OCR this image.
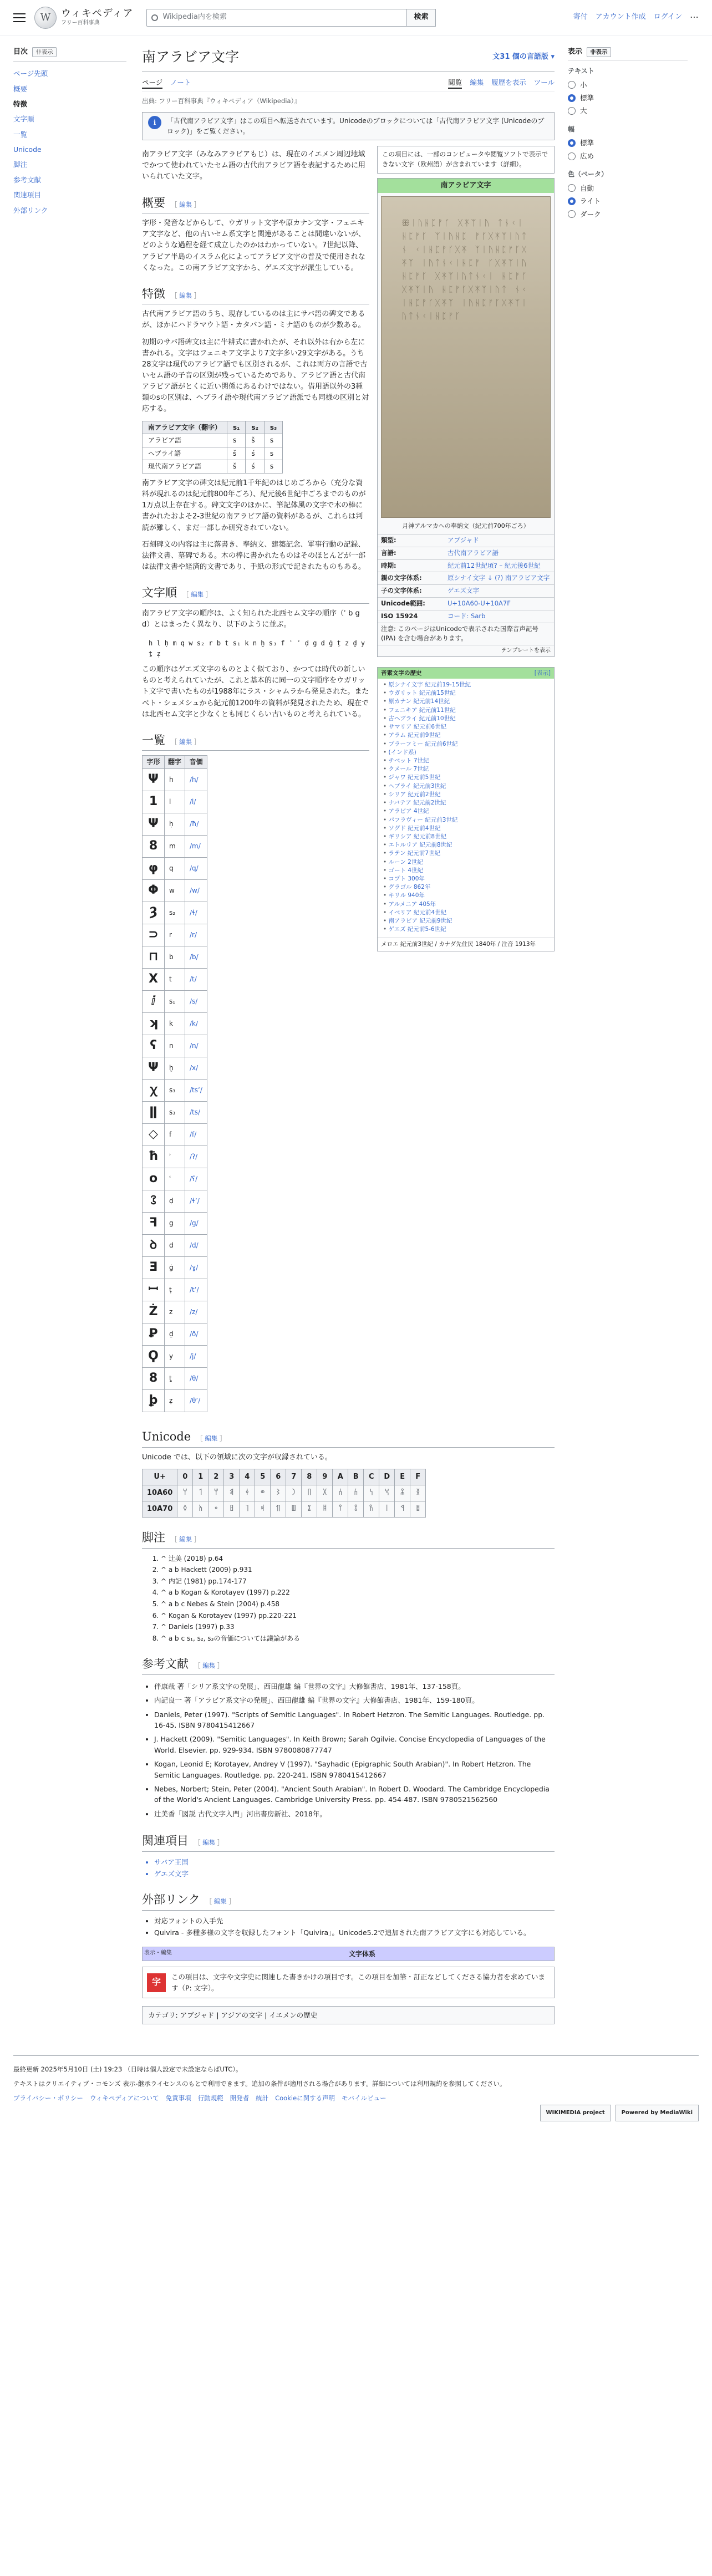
W	ウィキペディア
フリー百科事典
Wikipedia内を検索	検索	寄付 アカウント作成 ログイン ⋯
目次	非表示
ページ先頭
概要
特徴
文字順
一覧
Unicode
脚注
参考文献
関連項目
外部リンク
南アラビア文字	文31 個の言語版 ▾
ページ ノート	閲覧 編集 履歴を表示 ツール
出典: フリー百科事典『ウィキペディア（Wikipedia）』
i	「古代南アラビア文字」はこの項目へ転送されています。Unicodeのブロックについては「古代南アラビア文字 (Unicodeのブロック)」をご覧ください。

南アラビア文字（みなみアラビアもじ）は、現在のイエメン周辺地域でかつて使われていたセム語の古代南アラビア語を表記するために用いられていた文字。

概要 ［ 編集 ］

字形・発音などからして、ウガリット文字や原カナン文字・フェニキア文字など、他の古いセム系文字と関連があることは間違いないが、どのような過程を経て成立したのかはわかっていない。7世紀以降、アラビア半島のイスラム化によってアラビア文字の普及で使用されなくなった。この南アラビア文字から、ゲエズ文字が派生している。

特徴 ［ 編集 ］

古代南アラビア語のうち、現存しているのは主にサバ語の碑文であるが、ほかにハドラマウト語・カタバン語・ミナ語のものが少数ある。

初期のサバ語碑文は主に牛耕式に書かれたが、それ以外は右から左に書かれる。文字はフェニキア文字より7文字多い29文字がある。うち28文字は現代のアラビア語でも区別されるが、これは両方の言語で古いセム語の子音の区別が残っているためであり、アラビア語と古代南アラビア語がとくに近い関係にあるわけではない。借用語以外の3種類のsの区別は、ヘブライ語や現代南アラビア語派でも同様の区別と対応する。

南アラビア文字（翻字）	s₁	s₂	s₃
アラビア語	s	š	s
ヘブライ語	š	ś	s
現代南アラビア語	š	ś	s

南アラビア文字の碑文は紀元前1千年紀のはじめごろから（充分な資料が現れるのは紀元前800年ごろ）、紀元後6世紀中ごろまでのものが1万点以上存在する。碑文文字のほかに、筆記体風の文字で木の棒に書かれたおよそ2-3世紀の南アラビア語の資料があるが、これらは判読が難しく、まだ一部しか研究されていない。

石刻碑文の内容は主に落書き、奉納文、建築記念、軍事行動の記録、法律文書、墓碑である。木の棒に書かれたものはそのほとんどが一部は法律文書や経済的文書であり、手紙の形式で記されたものもある。

文字順 ［ 編集 ］

南アラビア文字の順序は、よく知られた北西セム文字の順序（ʾ b g d）とはまったく異なり、以下のように並ぶ。

h l ḥ m q w s₂ r b t s₁ k n ḫ s₃ f ʾ ʿ ḍ g d ġ ṭ z ḏ y ṯ ẓ

この順序はゲエズ文字のものとよく似ており、かつては時代の新しいものと考えられていたが、これと基本的に同一の文字順序をウガリット文字で書いたものが1988年にラス・シャムラから発見された。またベト・シェメシュから紀元前1200年の資料が発見されたため、現在では北西セム文字と少なくとも同じくらい古いものと考えられている。

一覧 ［ 編集 ］
字形	翻字	音価
Ψ	h	/h/
1	l	/l/
Ψ	ḥ	/ħ/
8	m	/m/
φ	q	/q/
Φ	w	/w/
Ȝ	s₂	/ɬ/
⊃	r	/r/
⊓	b	/b/
X	t	/t/
ⅈ	s₁	/s/
ʞ	k	/k/
ʕ	n	/n/
Ψ	ḫ	/x/
ꭓ	s₃	/tsʼ/
ǁ	s₃	/ts/
◇	f	/f/
ħ	ʾ	/ʔ/
o	ʿ	/ʕ/
ꕘ	ḍ	/ɬʼ/
ꟻ	g	/g/
ꝺ	d	/d/
Ǝ	ġ	/ɣ/
ꟷ	ṭ	/tʼ/
Ż	z	/z/
Ꝑ	ḏ	/ð/
Ϙ	y	/j/
8	ṯ	/θ/
ꝧ	ẓ	/θʼ/
この項目には、一部のコンピュータや閲覧ソフトで表示できない文字（欧州語）が含まれています（詳細）。
南アラビア文字
ꕥᛁᚢᚺᛈᚠᚴ ᚷᛡᛉᛁᚢ ᛏᚾᚲᛁᚺᛈᚠᚴ ᛉᛁᚢᚺᛈ ᚠᚴᚷᛡᛉᛁᚢᛏᚾ ᚲᛁᚺᛈᚠᚴᚷᛡ ᛉᛁᚢᚺᛈᚠᚴᚷᛡᛉ ᛁᚢᛏᚾᚲᛁᚺᛈᚠ ᚴᚷᛡᛉᛁᚢᚺᛈᚠᚴ ᚷᛡᛉᛁᚢᛏᚾᚲᛁ ᚺᛈᚠᚴᚷᛡᛉᛁᚢ ᚺᛈᚠᚴᚷᛡᛉᛁᚢᛏ ᚾᚲᛁᚺᛈᚠᚴᚷᛡᛉ ᛁᚢᚺᛈᚠᚴᚷᛡᛉᛁ ᚢᛏᚾᚲᛁᚺᛈᚠᚴ
月神アルマカへの奉納文（紀元前700年ごろ）
類型:	アブジャド
言語:	古代南アラビア語
時期:	紀元前12世紀頃? – 紀元後6世紀
親の文字体系:	原シナイ文字 ↓ (?) 南アラビア文字
子の文字体系:	ゲエズ文字
Unicode範囲:	U+10A60-U+10A7F
ISO 15924	コード: Sarb
注意: このページはUnicodeで表示された国際音声記号 (IPA) を含む場合があります。
テンプレートを表示
音素文字の歴史	[表示]
• 原シナイ文字 紀元前19-15世紀
• ウガリット 紀元前15世紀
• 原カナン 紀元前14世紀
• フェニキア 紀元前11世紀
• 古ヘブライ 紀元前10世紀
• サマリア 紀元前6世紀
• アラム 紀元前9世紀
• ブラーフミー 紀元前6世紀
• (インド系)
• チベット 7世紀
• クメール 7世紀
• ジャワ 紀元前5世紀
• ヘブライ 紀元前3世紀
• シリア 紀元前2世紀
• ナバテア 紀元前2世紀
• アラビア 4世紀
• パフラヴィー 紀元前3世紀
• ソグド 紀元前4世紀
• ギリシア 紀元前8世紀
• エトルリア 紀元前8世紀
• ラテン 紀元前7世紀
• ルーン 2世紀
• ゴート 4世紀
• コプト 300年
• グラゴル 862年
• キリル 940年
• アルメニア 405年
• イベリア 紀元前4世紀
• 南アラビア 紀元前9世紀
• ゲエズ 紀元前5-6世紀
メロエ 紀元前3世紀 / カナダ先住民 1840年 / 注音 1913年
Unicode ［ 編集 ］

Unicode では、以下の領域に次の文字が収録されている。

U+	0	1	2	3	4	5	6	7	8	9	A	B	C	D	E	F
10A60	𐩠	𐩡	𐩢	𐩣	𐩤	𐩥	𐩦	𐩧	𐩨	𐩩	𐩪	𐩫	𐩬	𐩭	𐩮	𐩯
10A70	𐩰	𐩱	𐩲	𐩳	𐩴	𐩵	𐩶	𐩷	𐩸	𐩹	𐩺	𐩻	𐩼	𐩽	𐩾	𐩿
脚注 ［ 編集 ］
1. ^ 辻美 (2018) p.64
2. ^ a b Hackett (2009) p.931
3. ^ 内記 (1981) pp.174-177
4. ^ a b Kogan & Korotayev (1997) p.222
5. ^ a b c Nebes & Stein (2004) p.458
6. ^ Kogan & Korotayev (1997) pp.220-221
7. ^ Daniels (1997) p.33
8. ^ a b c s₁, s₂, s₃の音価については議論がある
参考文献 ［ 編集 ］
• 伴康哉 著「シリア系文字の発展」、西田龍雄 編『世界の文字』大修館書店、1981年、137-158頁。
• 内記良一 著「アラビア系文字の発展」、西田龍雄 編『世界の文字』大修館書店、1981年、159-180頁。
• Daniels, Peter (1997). "Scripts of Semitic Languages". In Robert Hetzron. The Semitic Languages. Routledge. pp. 16-45. ISBN 9780415412667
• J. Hackett (2009). "Semitic Languages". In Keith Brown; Sarah Ogilvie. Concise Encyclopedia of Languages of the World. Elsevier. pp. 929-934. ISBN 9780080877747
• Kogan, Leonid E; Korotayev, Andrey V (1997). "Sayhadic (Epigraphic South Arabian)". In Robert Hetzron. The Semitic Languages. Routledge. pp. 220-241. ISBN 9780415412667
• Nebes, Norbert; Stein, Peter (2004). "Ancient South Arabian". In Robert D. Woodard. The Cambridge Encyclopedia of the World's Ancient Languages. Cambridge University Press. pp. 454-487. ISBN 9780521562560
• 辻美香「図説 古代文字入門」河出書房新社、2018年。
関連項目 ［ 編集 ］
• サバア王国
• ゲエズ文字
外部リンク ［ 編集 ］
• 対応フォントの入手先
• Quivira - 多種多様の文字を収録したフォント「Quivira」。Unicode5.2で追加された南アラビア文字にも対応している。
表示・編集	文字体系
字	この項目は、文字や文字史に関連した書きかけの項目です。この項目を加筆・訂正などしてくださる協力者を求めています（P: 文字）。
カテゴリ: アブジャド | アジアの文字 | イエメンの歴史
表示	非表示
テキスト
小
標準
大
幅
標準
広め
色（ベータ）
自動
ライト
ダーク

最終更新 2025年5月10日 (土) 19:23 （日時は個人設定で未設定ならばUTC）。

テキストはクリエイティブ・コモンズ 表示-継承ライセンスのもとで利用できます。追加の条件が適用される場合があります。詳細については利用規約を参照してください。

プライバシー・ポリシー ウィキペディアについて 免責事項 行動規範 開発者 統計 Cookieに関する声明 モバイルビュー
WIKIMEDIA project	Powered by MediaWiki
